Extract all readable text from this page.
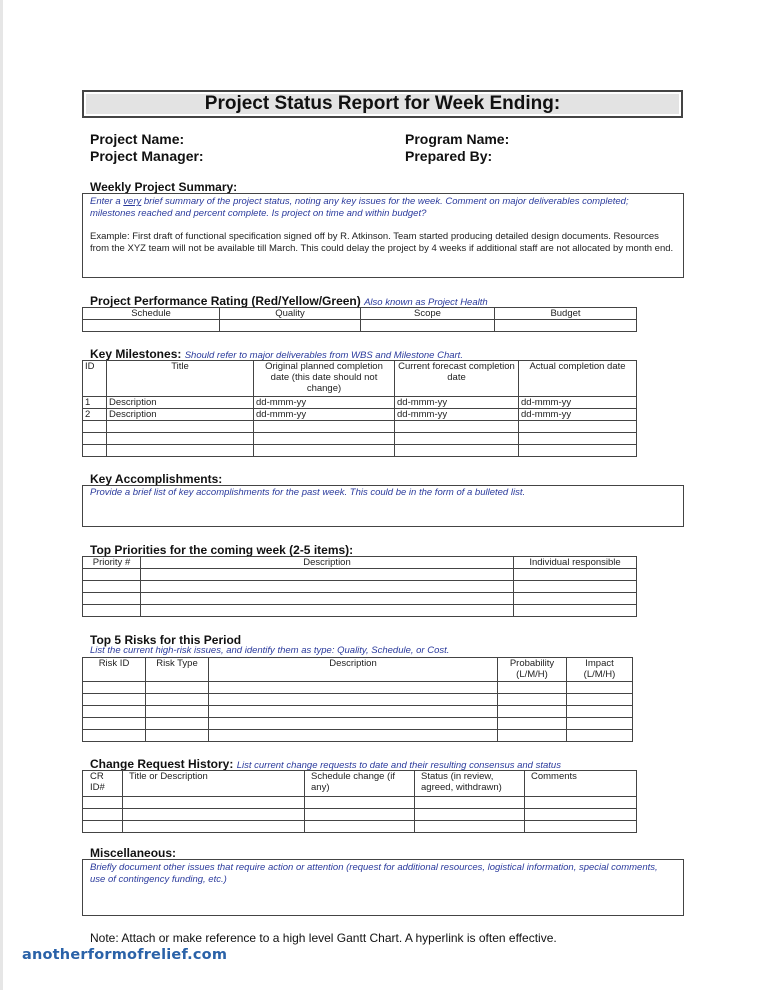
Project Status Report for Week Ending:
Project Name:
Project Manager:
Program Name:
Prepared By:
Weekly Project Summary:
Enter a very brief summary of the project status, noting any key issues for the week. Comment on major deliverables completed; milestones reached and percent complete. Is project on time and within budget?
Example: First draft of functional specification signed off by R. Atkinson. Team started producing detailed design documents. Resources from the XYZ team will not be available till March. This could delay the project by 4 weeks if additional staff are not allocated by month end.
Project Performance Rating (Red/Yellow/Green) Also known as Project Health
Schedule	Quality	Scope	Budget

Key Milestones: Should refer to major deliverables from WBS and Milestone Chart.
ID	Title	Original planned completion date (this date should not change)	Current forecast completion date	Actual completion date
1	Description	dd-mmm-yy	dd-mmm-yy	dd-mmm-yy
2	Description	dd-mmm-yy	dd-mmm-yy	dd-mmm-yy

Key Accomplishments:
Provide a brief list of key accomplishments for the past week. This could be in the form of a bulleted list.
Top Priorities for the coming week (2-5 items):
Priority #	Description	Individual responsible

Top 5 Risks for this Period
List the current high-risk issues, and identify them as type: Quality, Schedule, or Cost.
Risk ID	Risk Type	Description	Probability (L/M/H)	Impact (L/M/H)

Change Request History: List current change requests to date and their resulting consensus and status
CR ID#	Title or Description	Schedule change (if any)	Status (in review, agreed, withdrawn)	Comments

Miscellaneous:
Briefly document other issues that require action or attention (request for additional resources, logistical information, special comments, use of contingency funding, etc.)
Note: Attach or make reference to a high level Gantt Chart. A hyperlink is often effective.
anotherformofrelief.com
